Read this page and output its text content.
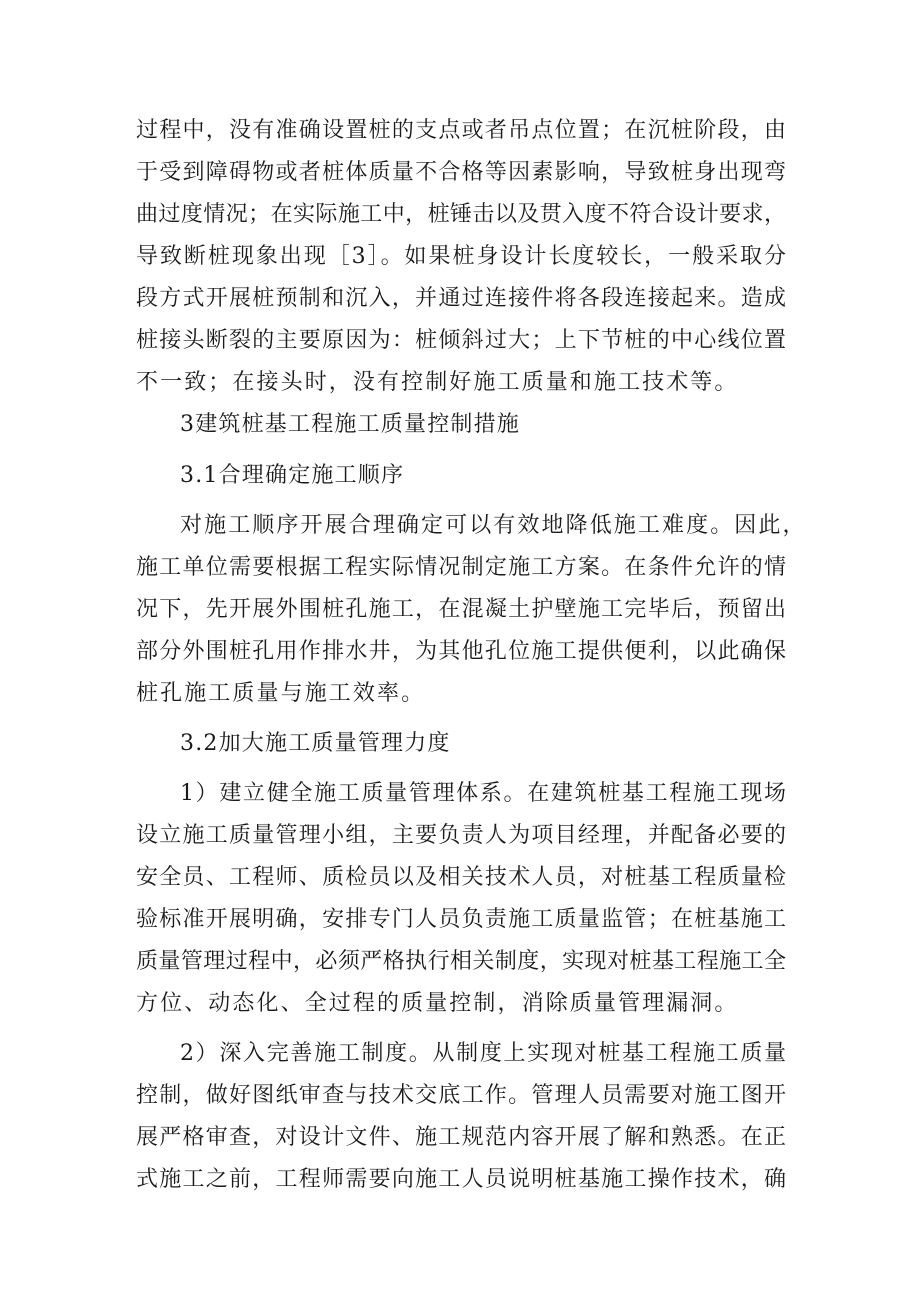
过程中，没有准确设置桩的支点或者吊点位置；在沉桩阶段，由
于受到障碍物或者桩体质量不合格等因素影响，导致桩身出现弯
曲过度情况；在实际施工中，桩锤击以及贯入度不符合设计要求，
导致断桩现象出现［3］。如果桩身设计长度较长，一般采取分
段方式开展桩预制和沉入，并通过连接件将各段连接起来。造成
桩接头断裂的主要原因为：桩倾斜过大；上下节桩的中心线位置
不一致；在接头时，没有控制好施工质量和施工技术等。
3建筑桩基工程施工质量控制措施
3.1合理确定施工顺序
对施工顺序开展合理确定可以有效地降低施工难度。因此，
施工单位需要根据工程实际情况制定施工方案。在条件允许的情
况下，先开展外围桩孔施工，在混凝土护壁施工完毕后，预留出
部分外围桩孔用作排水井，为其他孔位施工提供便利，以此确保
桩孔施工质量与施工效率。
3.2加大施工质量管理力度
1）建立健全施工质量管理体系。在建筑桩基工程施工现场
设立施工质量管理小组，主要负责人为项目经理，并配备必要的
安全员、工程师、质检员以及相关技术人员，对桩基工程质量检
验标准开展明确，安排专门人员负责施工质量监管；在桩基施工
质量管理过程中，必须严格执行相关制度，实现对桩基工程施工全
方位、动态化、全过程的质量控制，消除质量管理漏洞。
2）深入完善施工制度。从制度上实现对桩基工程施工质量
控制，做好图纸审查与技术交底工作。管理人员需要对施工图开
展严格审查，对设计文件、施工规范内容开展了解和熟悉。在正
式施工之前，工程师需要向施工人员说明桩基施工操作技术，确
